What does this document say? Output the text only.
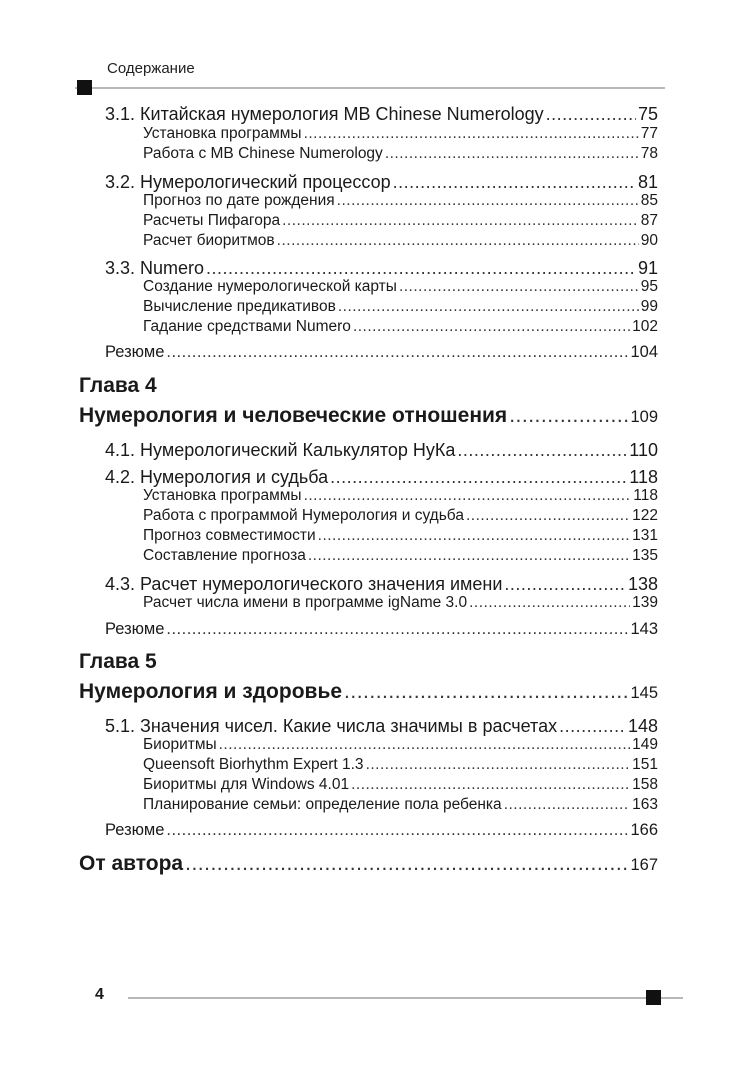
Содержание
3.1. Китайская нумерология MB Chinese Numerology .....	75
Установка программы .....	77
Работа с MB Chinese Numerology .....	78
3.2. Нумерологический процессор .....	81
Прогноз по дате рождения .....	85
Расчеты Пифагора .....	87
Расчет биоритмов .....	90
3.3. Numero .....	91
Создание нумерологической карты .....	95
Вычисление предикативов .....	99
Гадание средствами Numero .....	102
Резюме .....	104
Глава 4
Нумерология и человеческие отношения .....	109
4.1. Нумерологический Калькулятор НуКа .....	110
4.2. Нумерология и судьба .....	118
Установка программы .....	118
Работа с программой Нумерология и судьба .....	122
Прогноз совместимости .....	131
Составление прогноза .....	135
4.3. Расчет нумерологического значения имени .....	138
Расчет числа имени в программе igName 3.0 .....	139
Резюме .....	143
Глава 5
Нумерология и здоровье .....	145
5.1. Значения чисел. Какие числа значимы в расчетах .....	148
Биоритмы .....	149
Queensoft Biorhythm Expert 1.3 .....	151
Биоритмы для Windows 4.01 .....	158
Планирование семьи: определение пола ребенка .....	163
Резюме .....	166
От автора .....	167
4
